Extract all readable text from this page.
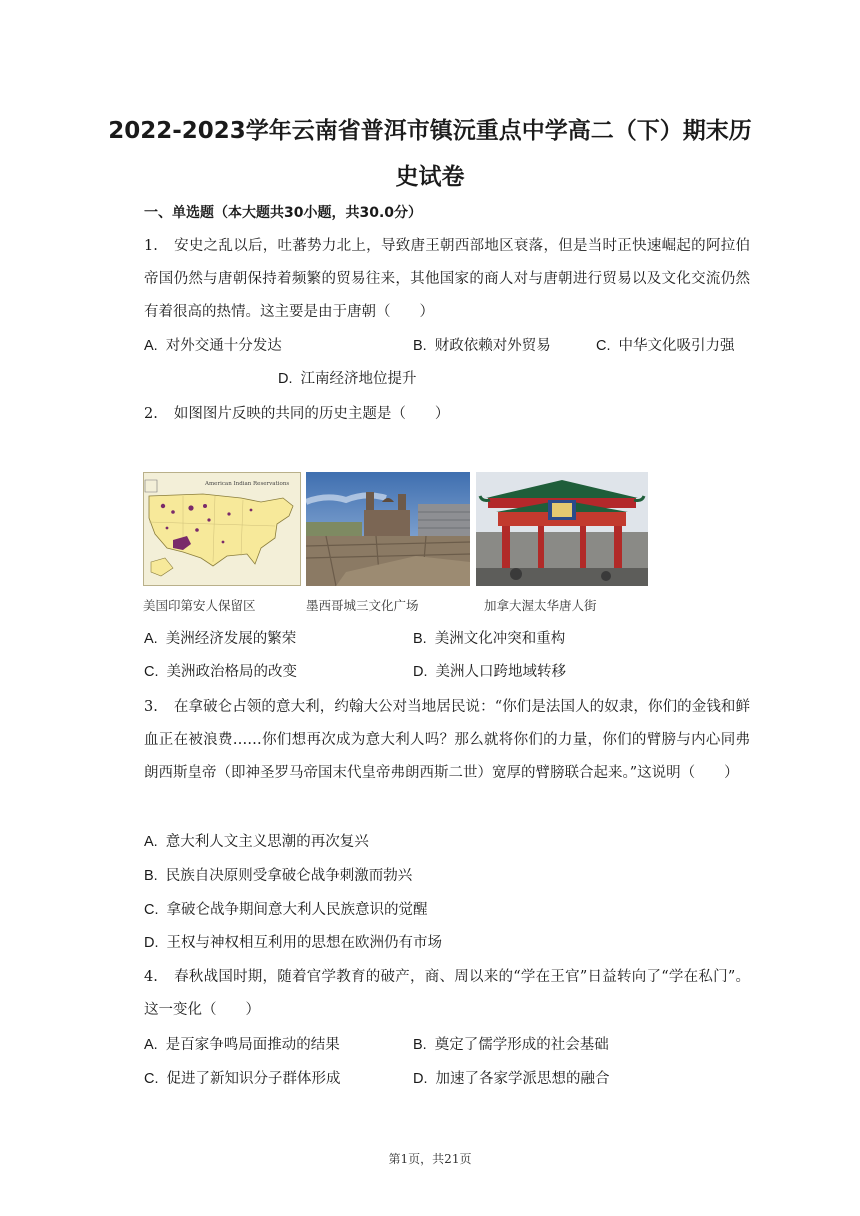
2022-2023学年云南省普洱市镇沅重点中学高二（下）期末历史试卷
一、单选题（本大题共30小题，共30.0分）

1. 安史之乱以后，吐蕃势力北上，导致唐王朝西部地区衰落，但是当时正快速崛起的阿拉伯帝国仍然与唐朝保持着频繁的贸易往来，其他国家的商人对与唐朝进行贸易以及文化交流仍然有着很高的热情。这主要是由于唐朝（　　）

A. 对外交通十分发达	B. 财政依赖对外贸易	C. 中华文化吸引力强
D. 江南经济地位提升

2. 如图图片反映的共同的历史主题是（　　）

American Indian Reservations
美国印第安人保留区	墨西哥城三文化广场	加拿大渥太华唐人街
A. 美洲经济发展的繁荣	B. 美洲文化冲突和重构
C. 美洲政治格局的改变	D. 美洲人口跨地域转移

3. 在拿破仑占领的意大利，约翰大公对当地居民说：“你们是法国人的奴隶，你们的金钱和鲜血正在被浪费……你们想再次成为意大利人吗？那么就将你们的力量，你们的臂膀与内心同弗朗西斯皇帝（即神圣罗马帝国末代皇帝弗朗西斯二世）宽厚的臂膀联合起来。”这说明（　　）

A. 意大利人文主义思潮的再次复兴
B. 民族自决原则受拿破仑战争刺激而勃兴
C. 拿破仑战争期间意大利人民族意识的觉醒
D. 王权与神权相互利用的思想在欧洲仍有市场

4. 春秋战国时期，随着官学教育的破产，商、周以来的“学在王官”日益转向了“学在私门”。这一变化（　　）

A. 是百家争鸣局面推动的结果	B. 奠定了儒学形成的社会基础
C. 促进了新知识分子群体形成	D. 加速了各家学派思想的融合
第1页，共21页
